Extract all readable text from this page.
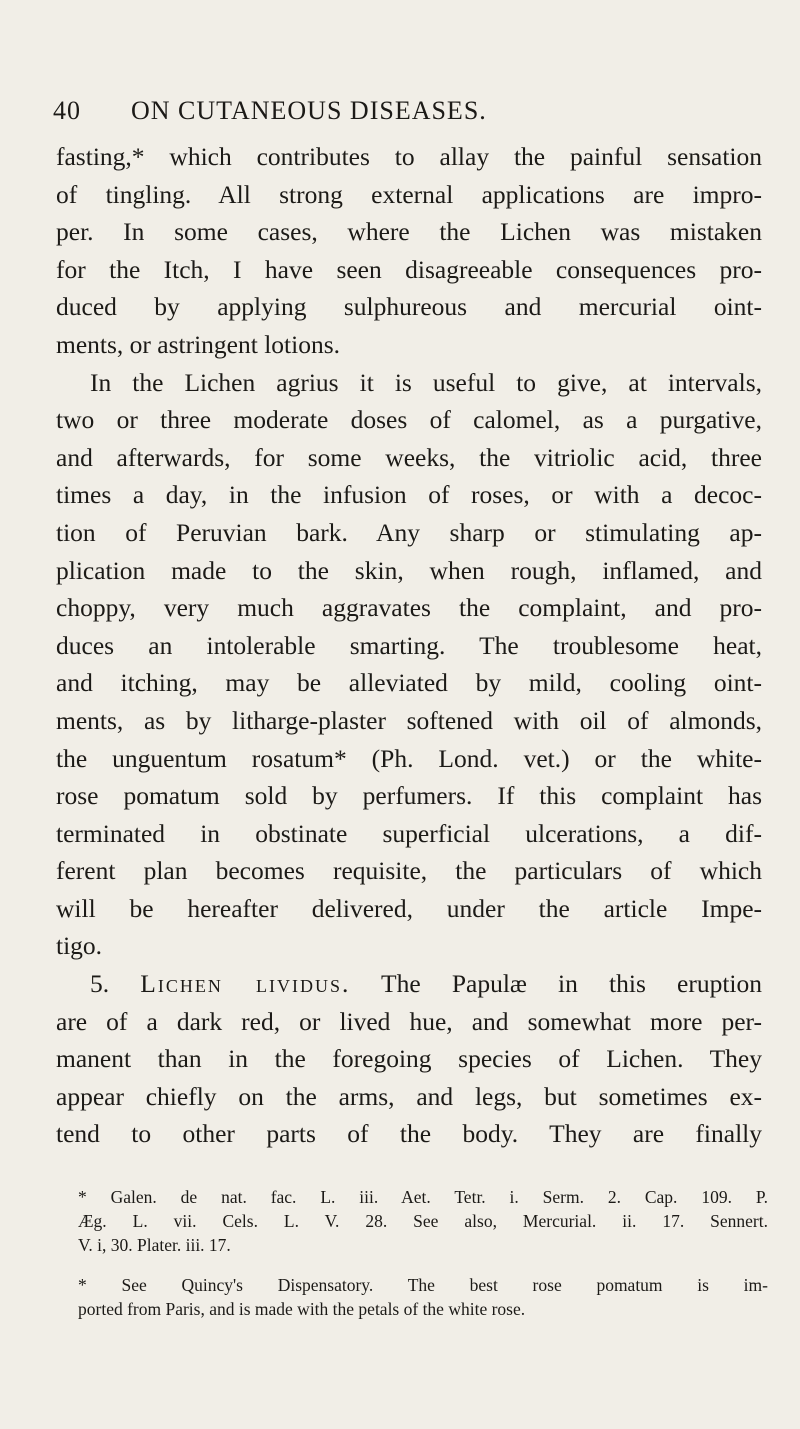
40 ON CUTANEOUS DISEASES.
fasting,* which contributes to allay the painful sensation
of tingling. All strong external applications are impro-
per. In some cases, where the Lichen was mistaken
for the Itch, I have seen disagreeable consequences pro-
duced by applying sulphureous and mercurial oint-
ments, or astringent lotions.
In the Lichen agrius it is useful to give, at intervals,
two or three moderate doses of calomel, as a purgative,
and afterwards, for some weeks, the vitriolic acid, three
times a day, in the infusion of roses, or with a decoc-
tion of Peruvian bark. Any sharp or stimulating ap-
plication made to the skin, when rough, inflamed, and
choppy, very much aggravates the complaint, and pro-
duces an intolerable smarting. The troublesome heat,
and itching, may be alleviated by mild, cooling oint-
ments, as by litharge-plaster softened with oil of almonds,
the unguentum rosatum* (Ph. Lond. vet.) or the white-
rose pomatum sold by perfumers. If this complaint has
terminated in obstinate superficial ulcerations, a dif-
ferent plan becomes requisite, the particulars of which
will be hereafter delivered, under the article Impe-
tigo.
5. Lichen lividus. The Papulæ in this eruption
are of a dark red, or lived hue, and somewhat more per-
manent than in the foregoing species of Lichen. They
appear chiefly on the arms, and legs, but sometimes ex-
tend to other parts of the body. They are finally
* Galen. de nat. fac. L. iii. Aet. Tetr. i. Serm. 2. Cap. 109. P.
Æg. L. vii. Cels. L. V. 28. See also, Mercurial. ii. 17. Sennert.
V. i, 30. Plater. iii. 17.
* See Quincy's Dispensatory. The best rose pomatum is im-
ported from Paris, and is made with the petals of the white rose.
